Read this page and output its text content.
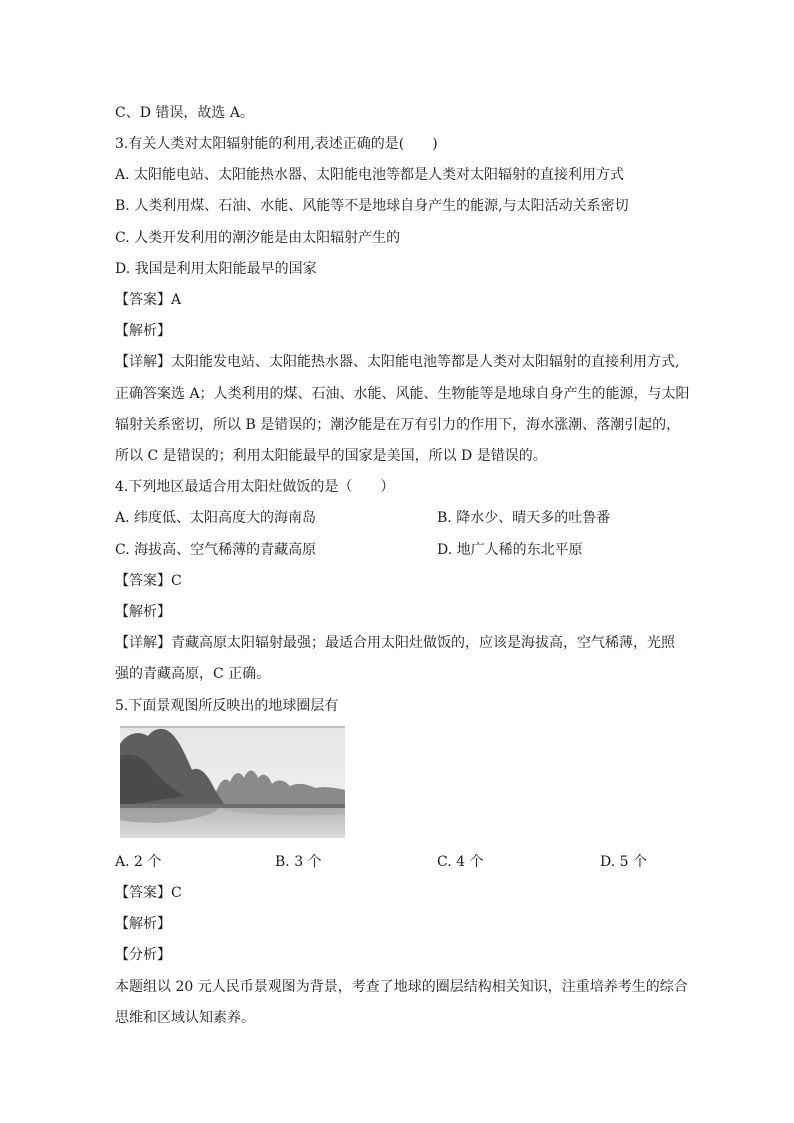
C、D 错误，故选 A。
3.有关人类对太阳辐射能的利用,表述正确的是(　　)
A. 太阳能电站、太阳能热水器、太阳能电池等都是人类对太阳辐射的直接利用方式
B. 人类利用煤、石油、水能、风能等不是地球自身产生的能源,与太阳活动关系密切
C. 人类开发利用的潮汐能是由太阳辐射产生的
D. 我国是利用太阳能最早的国家
【答案】A
【解析】
【详解】太阳能发电站、太阳能热水器、太阳能电池等都是人类对太阳辐射的直接利用方式,
正确答案选 A；人类利用的煤、石油、水能、风能、生物能等是地球自身产生的能源，与太阳
辐射关系密切，所以 B 是错误的；潮汐能是在万有引力的作用下，海水涨潮、落潮引起的，
所以 C 是错误的；利用太阳能最早的国家是美国，所以 D 是错误的。
4.下列地区最适合用太阳灶做饭的是（　　）
A. 纬度低、太阳高度大的海南岛	B. 降水少、晴天多的吐鲁番
C. 海拔高、空气稀薄的青藏高原	D. 地广人稀的东北平原
【答案】C
【解析】
【详解】青藏高原太阳辐射最强；最适合用太阳灶做饭的，应该是海拔高，空气稀薄，光照
强的青藏高原，C 正确。
5.下面景观图所反映出的地球圈层有
A. 2 个	B. 3 个	C. 4 个	D. 5 个
【答案】C
【解析】
【分析】
本题组以 20 元人民币景观图为背景，考查了地球的圈层结构相关知识，注重培养考生的综合
思维和区域认知素养。
